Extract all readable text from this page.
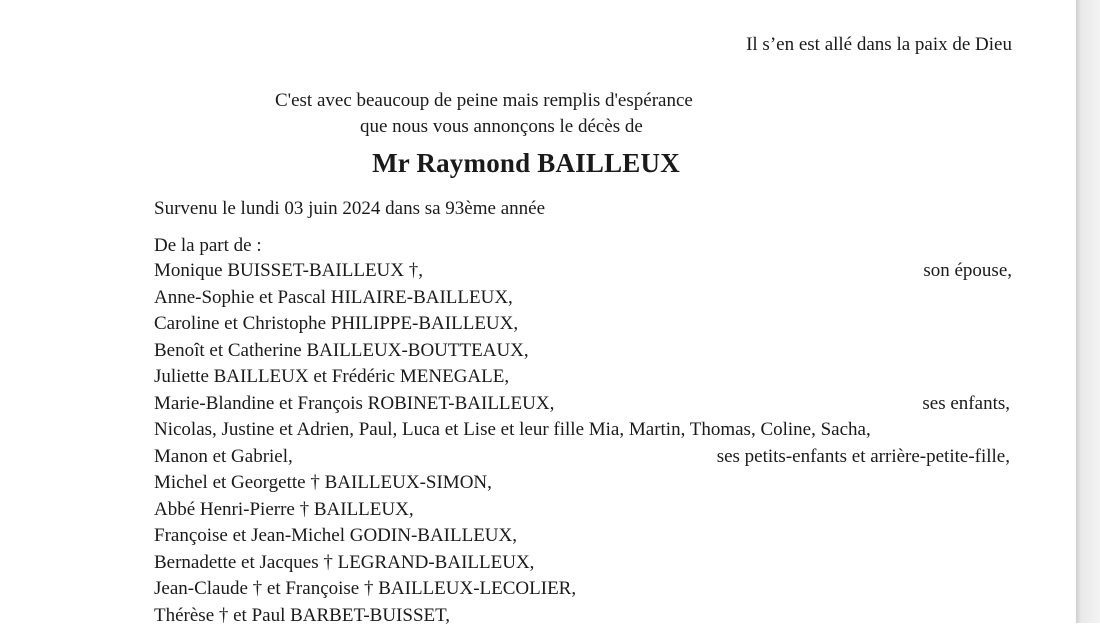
Il s’en est allé dans la paix de Dieu
C'est avec beaucoup de peine mais remplis d'espérance
que nous vous annonçons le décès de
Mr Raymond BAILLEUX
Survenu le lundi 03 juin 2024 dans sa 93ème année
De la part de :
Monique BUISSET-BAILLEUX †,	son épouse,
Anne-Sophie et Pascal HILAIRE-BAILLEUX,
Caroline et Christophe PHILIPPE-BAILLEUX,
Benoît et Catherine BAILLEUX-BOUTTEAUX,
Juliette BAILLEUX et Frédéric MENEGALE,
Marie-Blandine et François ROBINET-BAILLEUX,	ses enfants,
Nicolas, Justine et Adrien, Paul, Luca et Lise et leur fille Mia, Martin, Thomas, Coline, Sacha,
Manon et Gabriel,	ses petits-enfants et arrière-petite-fille,
Michel et Georgette † BAILLEUX-SIMON,
Abbé Henri-Pierre † BAILLEUX,
Françoise et Jean-Michel GODIN-BAILLEUX,
Bernadette et Jacques † LEGRAND-BAILLEUX,
Jean-Claude † et Françoise † BAILLEUX-LECOLIER,
Thérèse † et Paul BARBET-BUISSET,
